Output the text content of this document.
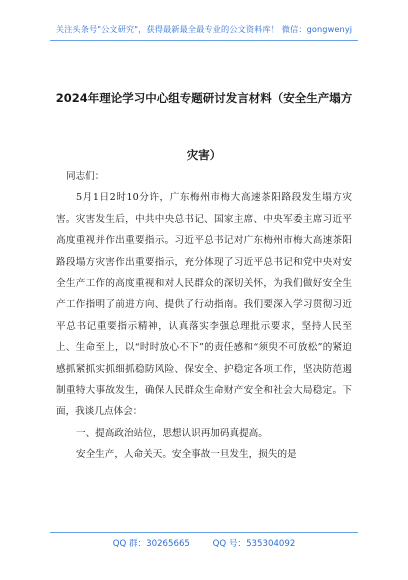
关注头条号"公文研究"，获得最新最全最专业的公文资料库！ 微信：gongwenyj
2024年理论学习中心组专题研讨发言材料（安全生产塌方
灾害）

同志们：

5月1日2时10分许，广东梅州市梅大高速茶阳路段发生塌方灾害。灾害发生后，中共中央总书记、国家主席、中央军委主席习近平高度重视并作出重要指示。习近平总书记对广东梅州市梅大高速茶阳路段塌方灾害作出重要指示，充分体现了习近平总书记和党中央对安全生产工作的高度重视和对人民群众的深切关怀，为我们做好安全生产工作指明了前进方向、提供了行动指南。我们要深入学习贯彻习近平总书记重要指示精神，认真落实李强总理批示要求，坚持人民至上、生命至上，以“时时放心不下”的责任感和“须臾不可放松”的紧迫感抓紧抓实抓细抓稳防风险、保安全、护稳定各项工作，坚决防范遏制重特大事故发生，确保人民群众生命财产安全和社会大局稳定。下面，我谈几点体会：

一、提高政治站位，思想认识再加码真提高。

安全生产，人命关天。安全事故一旦发生，损失的是

QQ 群：30265665	QQ 号：535304092
